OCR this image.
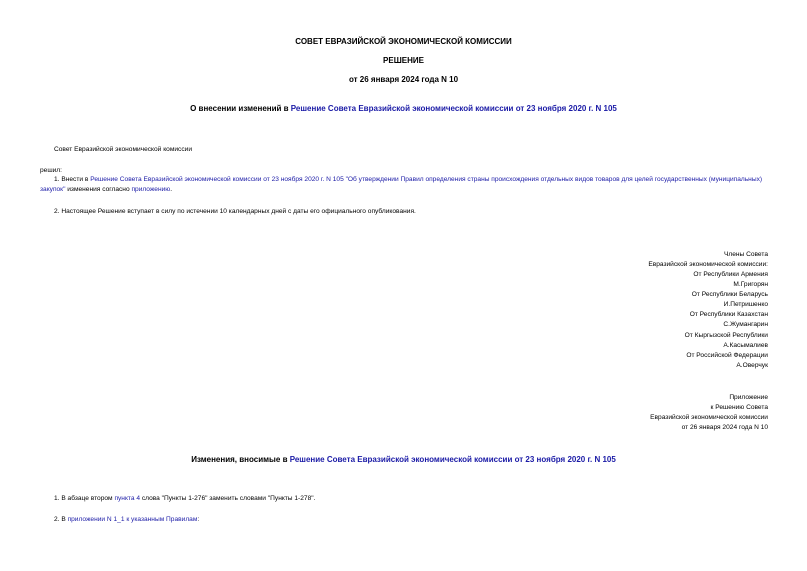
СОВЕТ ЕВРАЗИЙСКОЙ ЭКОНОМИЧЕСКОЙ КОМИССИИ
РЕШЕНИЕ
от 26 января 2024 года N 10
О внесении изменений в Решение Совета Евразийской экономической комиссии от 23 ноября 2020 г. N 105
Совет Евразийской экономической комиссии
решил:
1. Внести в Решение Совета Евразийской экономической комиссии от 23 ноября 2020 г. N 105 "Об утверждении Правил определения страны происхождения отдельных видов товаров для целей государственных (муниципальных) закупок" изменения согласно приложению.
2. Настоящее Решение вступает в силу по истечении 10 календарных дней с даты его официального опубликования.
Члены Совета
Евразийской экономической комиссии:
От Республики Армения
М.Григорян
От Республики Беларусь
И.Петришенко
От Республики Казахстан
С.Жумангарин
От Кыргызской Республики
А.Касымалиев
От Российской Федерации
А.Оверчук
Приложение
к Решению Совета
Евразийской экономической комиссии
от 26 января 2024 года N 10
Изменения, вносимые в Решение Совета Евразийской экономической комиссии от 23 ноября 2020 г. N 105
1. В абзаце втором пункта 4 слова "Пункты 1-276" заменить словами "Пункты 1-278".
2. В приложении N 1_1 к указанным Правилам:
